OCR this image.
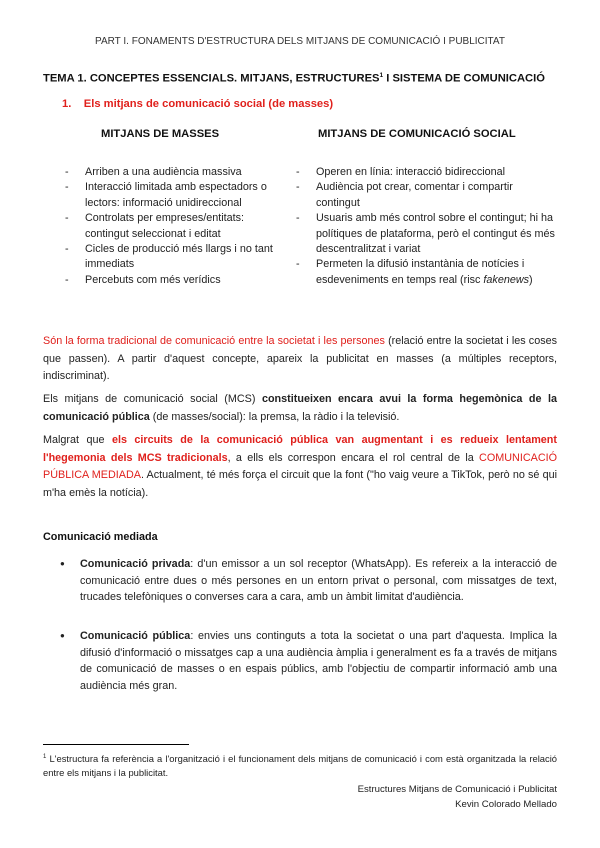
PART I. FONAMENTS D'ESTRUCTURA DELS MITJANS DE COMUNICACIÓ I PUBLICITAT
TEMA 1. CONCEPTES ESSENCIALS. MITJANS, ESTRUCTURES$^1$ I SISTEMA DE COMUNICACIÓ
1.    Els mitjans de comunicació social (de masses)
MITJANS DE MASSES	MITJANS DE COMUNICACIÓ SOCIAL
- Arriben a una audiència massiva
- Interacció limitada amb espectadors o lectors: informació unidireccional
- Controlats per empreses/entitats: contingut seleccionat i editat
- Cicles de producció més llargs i no tant immediats
- Percebuts com més verídics
- Operen en línia: interacció bidireccional
- Audiència pot crear, comentar i compartir contingut
- Usuaris amb més control sobre el contingut; hi ha polítiques de plataforma, però el contingut és més descentralitzat i variat
- Permeten la difusió instantània de notícies i esdeveniments en temps real (risc fakenews)

Són la forma tradicional de comunicació entre la societat i les persones (relació entre la societat i les coses que passen). A partir d'aquest concepte, apareix la publicitat en masses (a múltiples receptors, indiscriminat).

Els mitjans de comunicació social (MCS) constitueixen encara avui la forma hegemònica de la comunicació pública (de masses/social): la premsa, la ràdio i la televisió.

Malgrat que els circuits de la comunicació pública van augmentant i es redueix lentament l'hegemonia dels MCS tradicionals, a ells els correspon encara el rol central de la COMUNICACIÓ PÚBLICA MEDIADA. Actualment, té més força el circuit que la font ("ho vaig veure a TikTok, però no sé qui m'ha emès la notícia).

Comunicació mediada
● Comunicació privada: d'un emissor a un sol receptor (WhatsApp). Es refereix a la interacció de comunicació entre dues o més persones en un entorn privat o personal, com missatges de text, trucades telefòniques o converses cara a cara, amb un àmbit limitat d'audiència.
● Comunicació pública: envies uns continguts a tota la societat o una part d'aquesta. Implica la difusió d'informació o missatges cap a una audiència àmplia i generalment es fa a través de mitjans de comunicació de masses o en espais públics, amb l'objectiu de compartir informació amb una audiència més gran.

$^1$ L'estructura fa referència a l'organització i el funcionament dels mitjans de comunicació i com està organitzada la relació entre els mitjans i la publicitat.

Estructures Mitjans de Comunicació i Publicitat
Kevin Colorado Mellado
